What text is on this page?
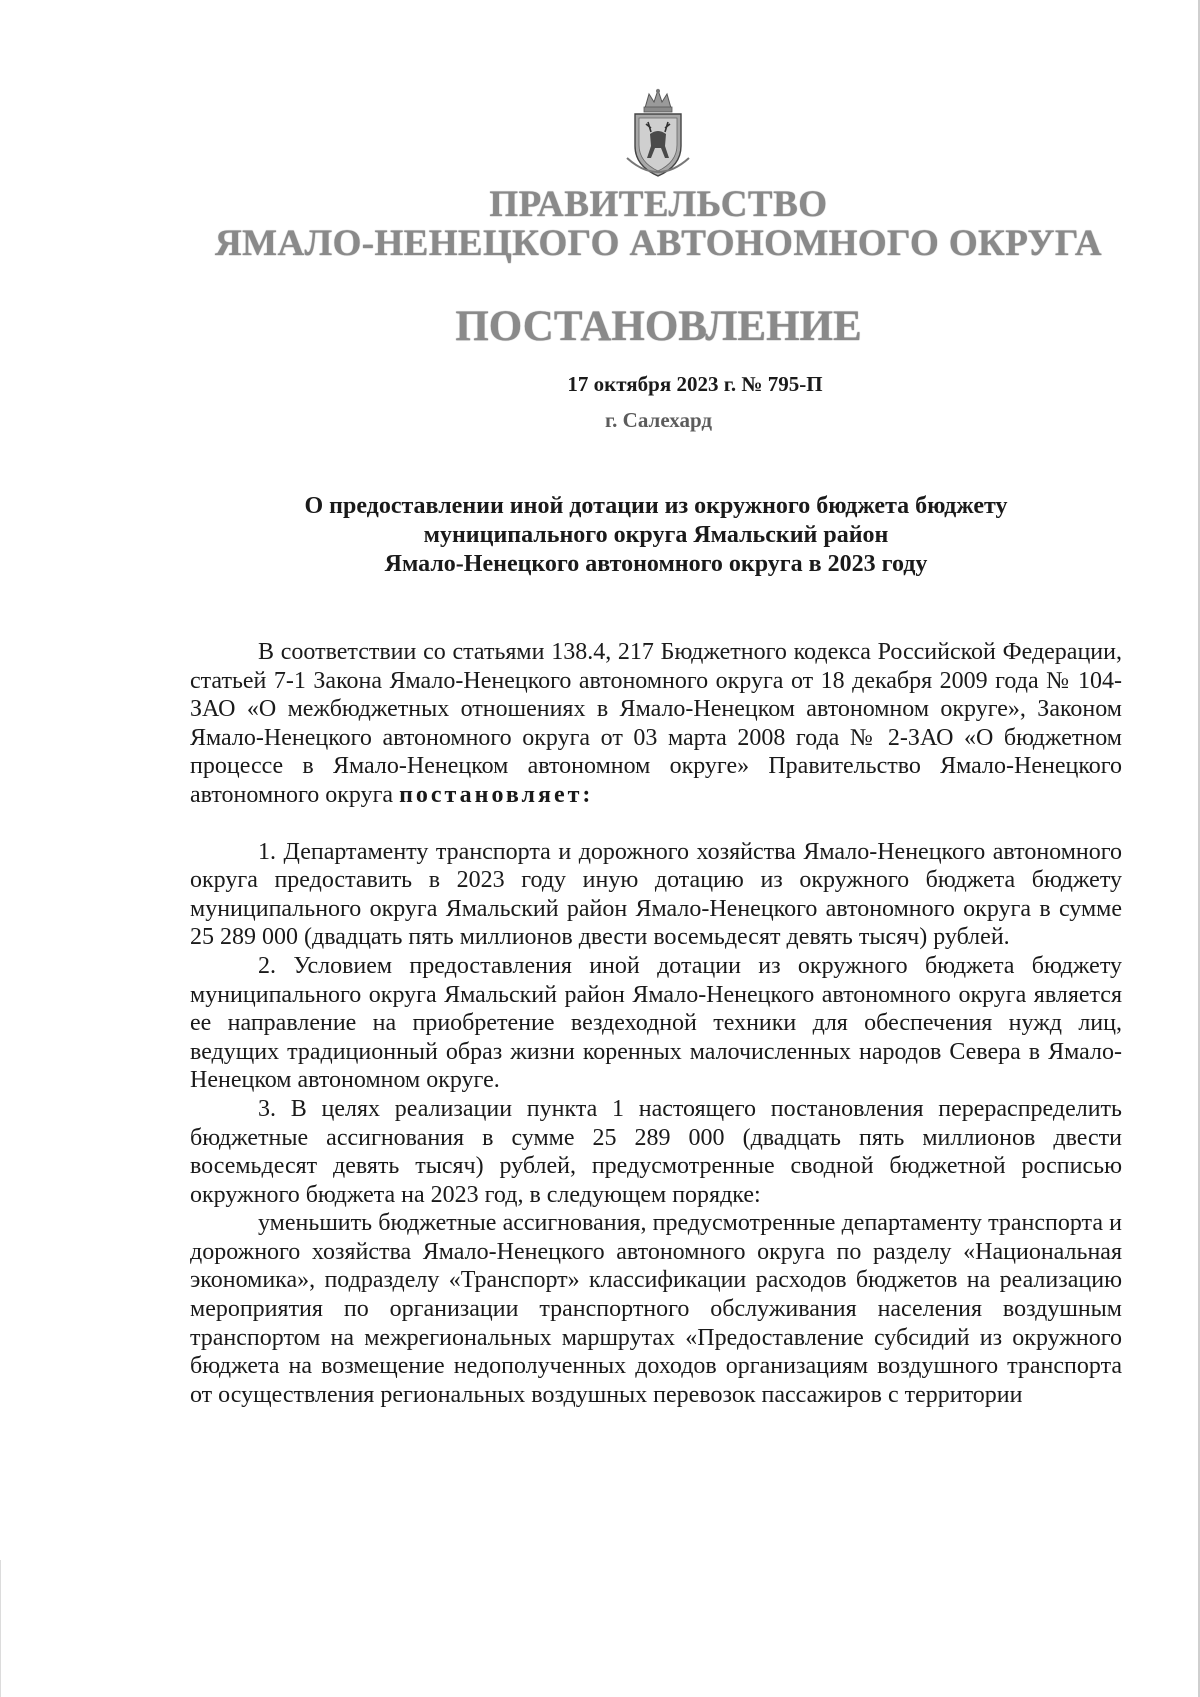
ПРАВИТЕЛЬСТВО
ЯМАЛО-НЕНЕЦКОГО АВТОНОМНОГО ОКРУГА
ПОСТАНОВЛЕНИЕ
17 октября 2023 г. № 795-П
г. Салехард
О предоставлении иной дотации из окружного бюджета бюджету
муниципального округа Ямальский район
Ямало-Ненецкого автономного округа в 2023 году

В соответствии со статьями 138.4, 217 Бюджетного кодекса Российской Федерации, статьей 7-1 Закона Ямало-Ненецкого автономного округа от 18 декабря 2009 года № 104-ЗАО «О межбюджетных отношениях в Ямало-Ненецком автономном округе», Законом Ямало-Ненецкого автономного округа от 03 марта 2008 года № 2-ЗАО «О бюджетном процессе в Ямало-Ненецком автономном округе» Правительство Ямало-Ненецкого автономного округа постановляет:

1. Департаменту транспорта и дорожного хозяйства Ямало-Ненецкого автономного округа предоставить в 2023 году иную дотацию из окружного бюджета бюджету муниципального округа Ямальский район Ямало-Ненецкого автономного округа в сумме 25 289 000 (двадцать пять миллионов двести восемьдесят девять тысяч) рублей.

2. Условием предоставления иной дотации из окружного бюджета бюджету муниципального округа Ямальский район Ямало-Ненецкого автономного округа является ее направление на приобретение вездеходной техники для обеспечения нужд лиц, ведущих традиционный образ жизни коренных малочисленных народов Севера в Ямало-Ненецком автономном округе.

3. В целях реализации пункта 1 настоящего постановления перераспределить бюджетные ассигнования в сумме 25 289 000 (двадцать пять миллионов двести восемьдесят девять тысяч) рублей, предусмотренные сводной бюджетной росписью окружного бюджета на 2023 год, в следующем порядке:

уменьшить бюджетные ассигнования, предусмотренные департаменту транспорта и дорожного хозяйства Ямало-Ненецкого автономного округа по разделу «Национальная экономика», подразделу «Транспорт» классификации расходов бюджетов на реализацию мероприятия по организации транспортного обслуживания населения воздушным транспортом на межрегиональных маршрутах «Предоставление субсидий из окружного бюджета на возмещение недополученных доходов организациям воздушного транспорта от осуществления региональных воздушных перевозок пассажиров с территории
